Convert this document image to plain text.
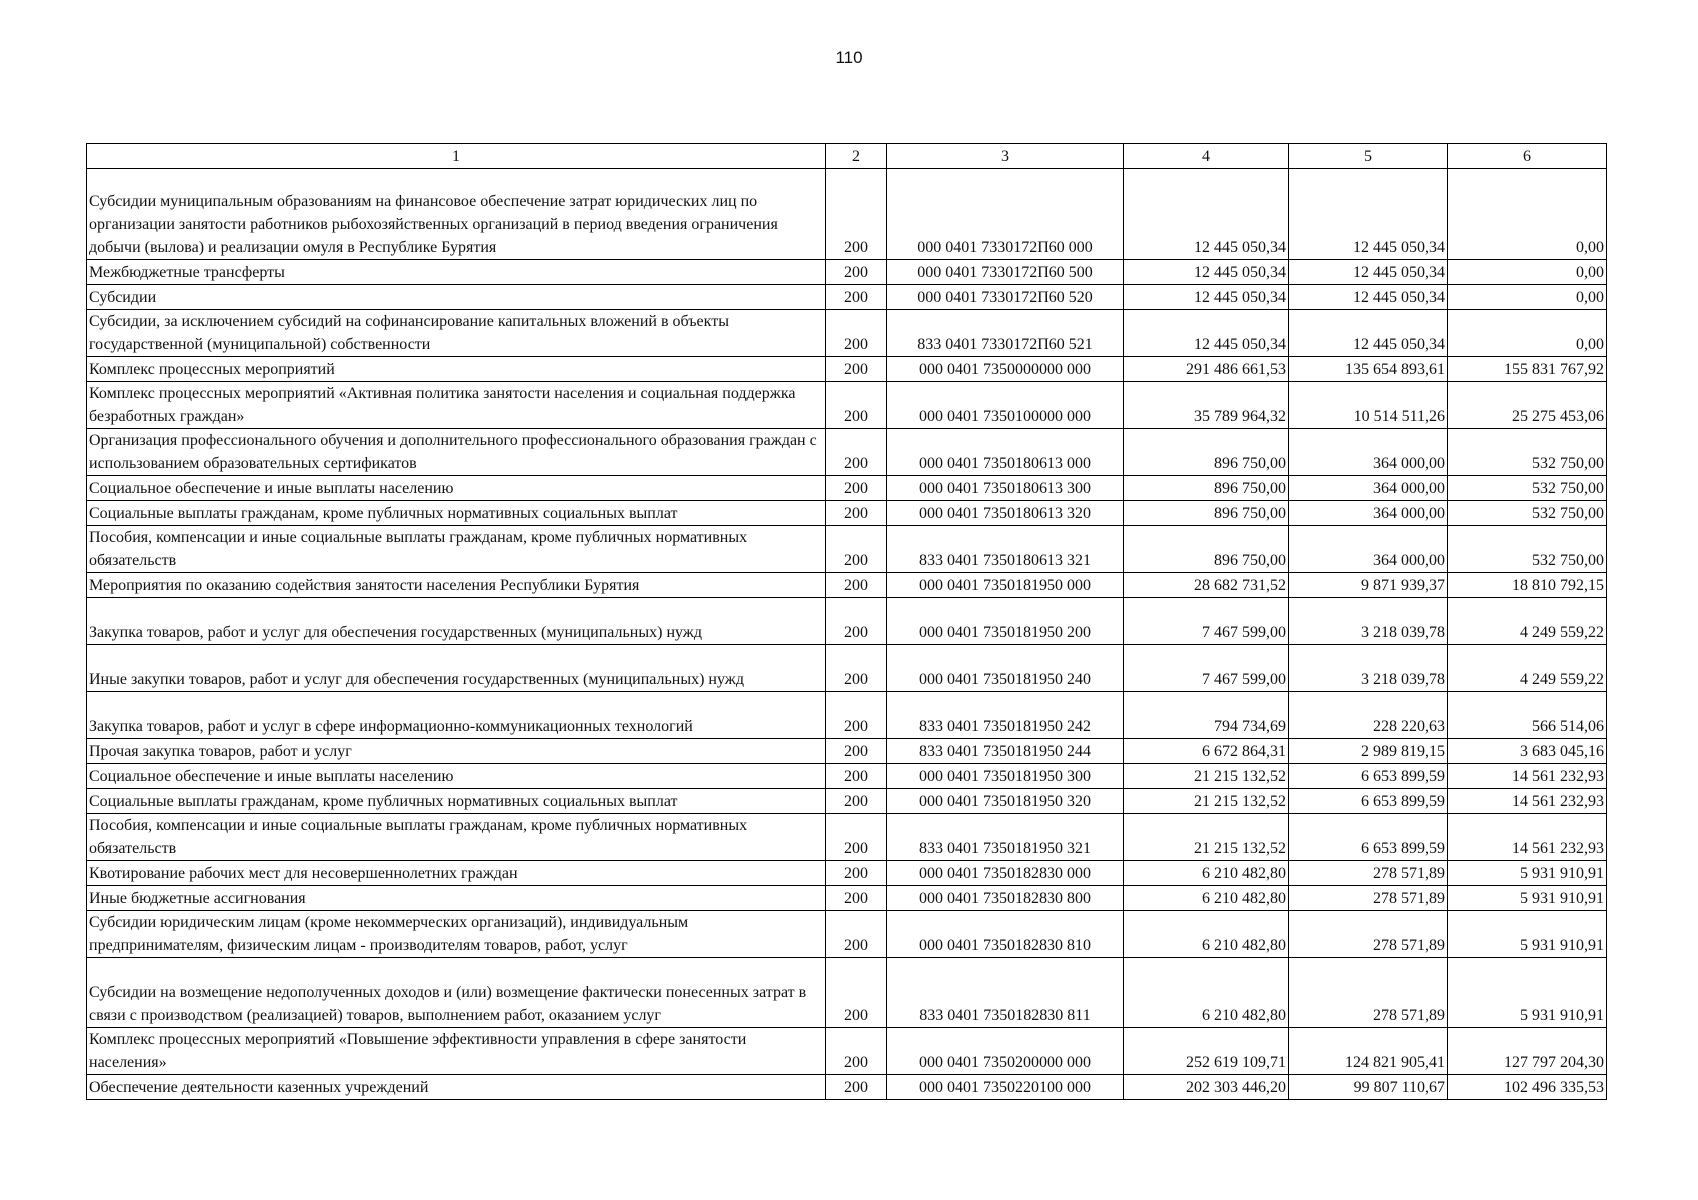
110
1	2	3	4	5	6
Субсидии муниципальным образованиям на финансовое обеспечение затрат юридических лиц по организации занятости работников рыбохозяйственных организаций в период введения ограничения добычи (вылова) и реализации омуля в Республике Бурятия	200	000 0401 7330172П60 000	12 445 050,34	12 445 050,34	0,00
Межбюджетные трансферты	200	000 0401 7330172П60 500	12 445 050,34	12 445 050,34	0,00
Субсидии	200	000 0401 7330172П60 520	12 445 050,34	12 445 050,34	0,00
Субсидии, за исключением субсидий на софинансирование капитальных вложений в объекты государственной (муниципальной) собственности	200	833 0401 7330172П60 521	12 445 050,34	12 445 050,34	0,00
Комплекс процессных мероприятий	200	000 0401 7350000000 000	291 486 661,53	135 654 893,61	155 831 767,92
Комплекс процессных мероприятий «Активная политика занятости населения и социальная поддержка безработных граждан»	200	000 0401 7350100000 000	35 789 964,32	10 514 511,26	25 275 453,06
Организация профессионального обучения и дополнительного профессионального образования граждан с использованием образовательных сертификатов	200	000 0401 7350180613 000	896 750,00	364 000,00	532 750,00
Социальное обеспечение и иные выплаты населению	200	000 0401 7350180613 300	896 750,00	364 000,00	532 750,00
Социальные выплаты гражданам, кроме публичных нормативных социальных выплат	200	000 0401 7350180613 320	896 750,00	364 000,00	532 750,00
Пособия, компенсации и иные социальные выплаты гражданам, кроме публичных нормативных обязательств	200	833 0401 7350180613 321	896 750,00	364 000,00	532 750,00
Мероприятия по оказанию содействия занятости населения Республики Бурятия	200	000 0401 7350181950 000	28 682 731,52	9 871 939,37	18 810 792,15
Закупка товаров, работ и услуг для обеспечения государственных (муниципальных) нужд	200	000 0401 7350181950 200	7 467 599,00	3 218 039,78	4 249 559,22
Иные закупки товаров, работ и услуг для обеспечения государственных (муниципальных) нужд	200	000 0401 7350181950 240	7 467 599,00	3 218 039,78	4 249 559,22
Закупка товаров, работ и услуг в сфере информационно-коммуникационных технологий	200	833 0401 7350181950 242	794 734,69	228 220,63	566 514,06
Прочая закупка товаров, работ и услуг	200	833 0401 7350181950 244	6 672 864,31	2 989 819,15	3 683 045,16
Социальное обеспечение и иные выплаты населению	200	000 0401 7350181950 300	21 215 132,52	6 653 899,59	14 561 232,93
Социальные выплаты гражданам, кроме публичных нормативных социальных выплат	200	000 0401 7350181950 320	21 215 132,52	6 653 899,59	14 561 232,93
Пособия, компенсации и иные социальные выплаты гражданам, кроме публичных нормативных обязательств	200	833 0401 7350181950 321	21 215 132,52	6 653 899,59	14 561 232,93
Квотирование рабочих мест для несовершеннолетних граждан	200	000 0401 7350182830 000	6 210 482,80	278 571,89	5 931 910,91
Иные бюджетные ассигнования	200	000 0401 7350182830 800	6 210 482,80	278 571,89	5 931 910,91
Субсидии юридическим лицам (кроме некоммерческих организаций), индивидуальным предпринимателям, физическим лицам - производителям товаров, работ, услуг	200	000 0401 7350182830 810	6 210 482,80	278 571,89	5 931 910,91
Субсидии на возмещение недополученных доходов и (или) возмещение фактически понесенных затрат в связи с производством (реализацией) товаров, выполнением работ, оказанием услуг	200	833 0401 7350182830 811	6 210 482,80	278 571,89	5 931 910,91
Комплекс процессных мероприятий «Повышение эффективности управления в сфере занятости населения»	200	000 0401 7350200000 000	252 619 109,71	124 821 905,41	127 797 204,30
Обеспечение деятельности казенных учреждений	200	000 0401 7350220100 000	202 303 446,20	99 807 110,67	102 496 335,53
